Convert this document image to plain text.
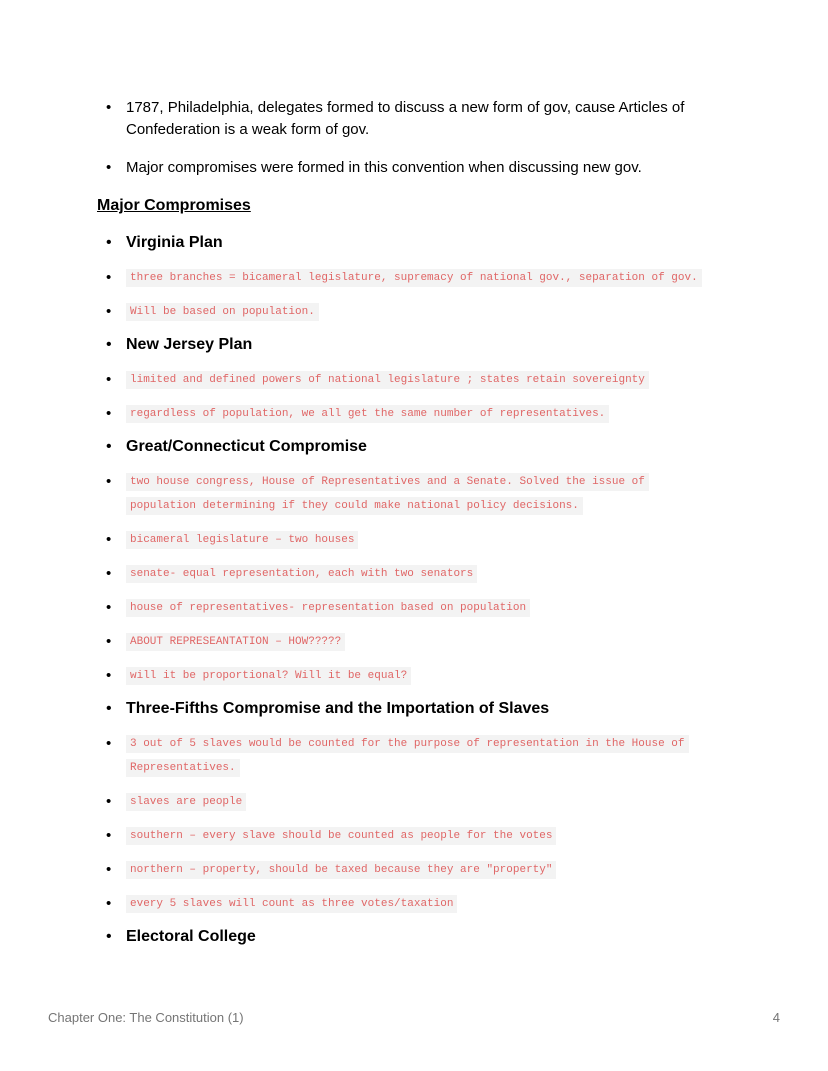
• 1787, Philadelphia, delegates formed to discuss a new form of gov, cause Articles of Confederation is a weak form of gov.
• Major compromises were formed in this convention when discussing new gov.
Major Compromises
• Virginia Plan
• three branches = bicameral legislature, supremacy of national gov., separation of gov.
• Will be based on population.
• New Jersey Plan
• limited and defined powers of national legislature ; states retain sovereignty
• regardless of population, we all get the same number of representatives.
• Great/Connecticut Compromise
• two house congress, House of Representatives and a Senate. Solved the issue of population determining if they could make national policy decisions.
• bicameral legislature – two houses
• senate- equal representation, each with two senators
• house of representatives- representation based on population
• ABOUT REPRESEANTATION – HOW?????
• will it be proportional? Will it be equal?
• Three-Fifths Compromise and the Importation of Slaves
• 3 out of 5 slaves would be counted for the purpose of representation in the House of Representatives.
• slaves are people
• southern – every slave should be counted as people for the votes
• northern – property, should be taxed because they are "property"
• every 5 slaves will count as three votes/taxation
• Electoral College
Chapter One: The Constitution (1)	4
